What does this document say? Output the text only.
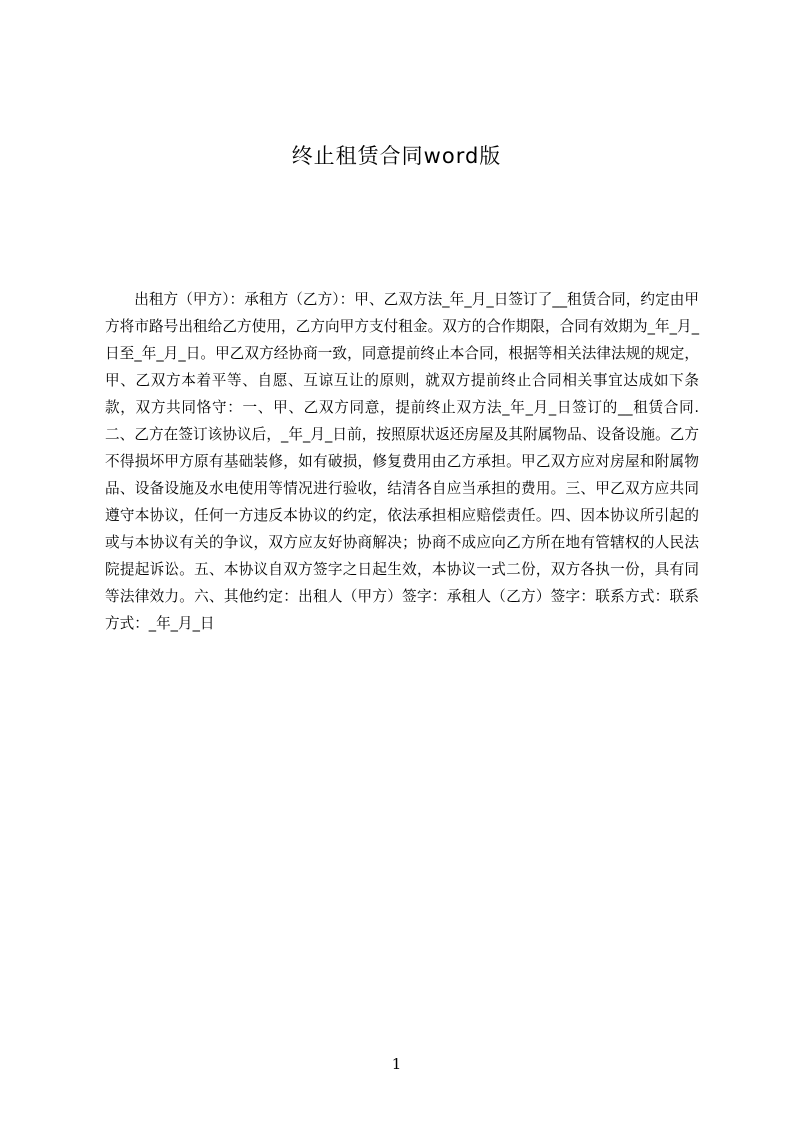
终止租赁合同word版
出租方（甲方）：承租方（乙方）：甲、乙双方法_年_月_日签订了__租赁合同，约定由甲方将市路号出租给乙方使用，乙方向甲方支付租金。双方的合作期限，合同有效期为_年_月_日至_年_月_日。甲乙双方经协商一致，同意提前终止本合同，根据等相关法律法规的规定，甲、乙双方本着平等、自愿、互谅互让的原则，就双方提前终止合同相关事宜达成如下条款，双方共同恪守：一、甲、乙双方同意，提前终止双方法_年_月_日签订的__租赁合同.二、乙方在签订该协议后，_年_月_日前，按照原状返还房屋及其附属物品、设备设施。乙方不得损坏甲方原有基础装修，如有破损，修复费用由乙方承担。甲乙双方应对房屋和附属物品、设备设施及水电使用等情况进行验收，结清各自应当承担的费用。三、甲乙双方应共同遵守本协议，任何一方违反本协议的约定，依法承担相应赔偿责任。四、因本协议所引起的或与本协议有关的争议，双方应友好协商解决；协商不成应向乙方所在地有管辖权的人民法院提起诉讼。五、本协议自双方签字之日起生效，本协议一式二份，双方各执一份，具有同等法律效力。六、其他约定：出租人（甲方）签字：承租人（乙方）签字：联系方式：联系方式：_年_月_日
1
